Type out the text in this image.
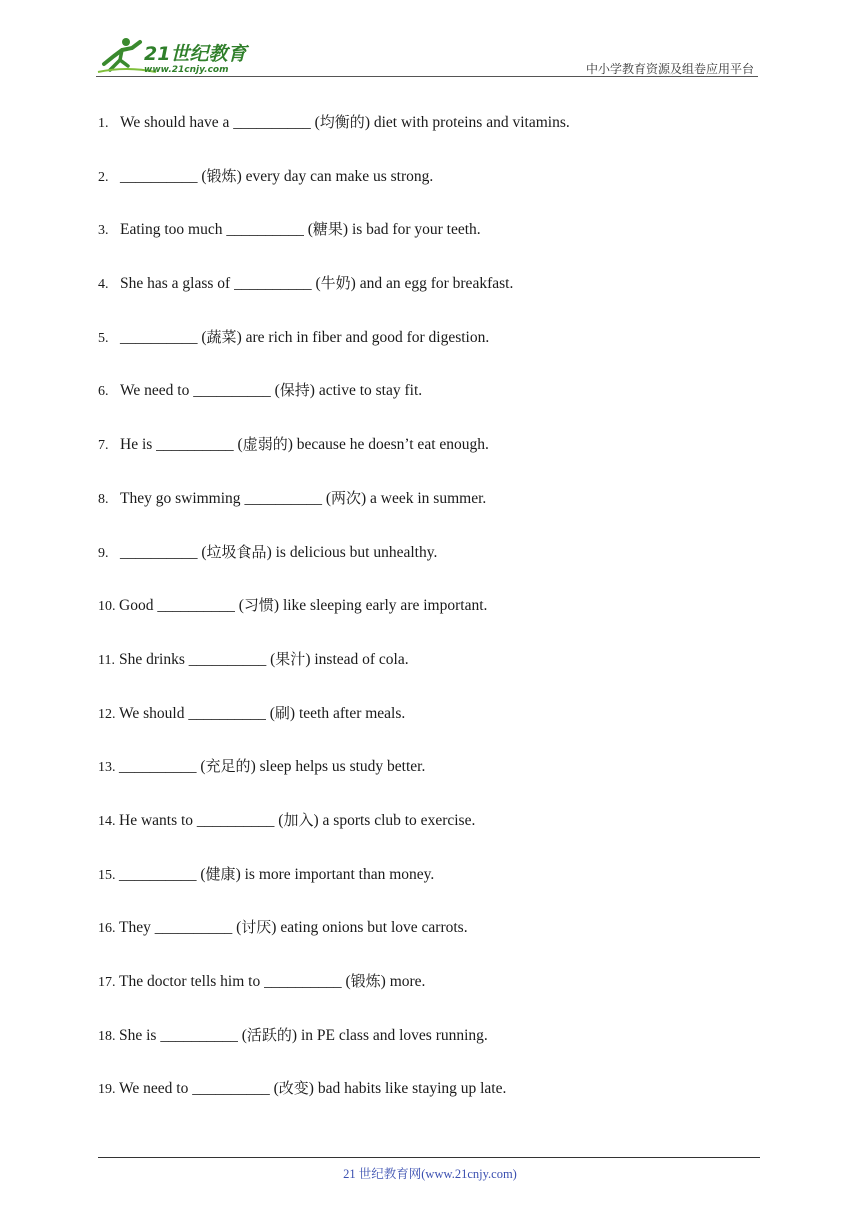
21世纪教育
www.21cnjy.com	中小学教育资源及组卷应用平台
1. We should have a __________ (均衡的) diet with proteins and vitamins.
2. __________ (锻炼) every day can make us strong.
3. Eating too much __________ (糖果) is bad for your teeth.
4. She has a glass of __________ (牛奶) and an egg for breakfast.
5. __________ (蔬菜) are rich in fiber and good for digestion.
6. We need to __________ (保持) active to stay fit.
7. He is __________ (虚弱的) because he doesn’t eat enough.
8. They go swimming __________ (两次) a week in summer.
9. __________ (垃圾食品) is delicious but unhealthy.
10. Good __________ (习惯) like sleeping early are important.
11. She drinks __________ (果汁) instead of cola.
12. We should __________ (刷) teeth after meals.
13. __________ (充足的) sleep helps us study better.
14. He wants to __________ (加入) a sports club to exercise.
15. __________ (健康) is more important than money.
16. They __________ (讨厌) eating onions but love carrots.
17. The doctor tells him to __________ (锻炼) more.
18. She is __________ (活跃的) in PE class and loves running.
19. We need to __________ (改变) bad habits like staying up late.
21 世纪教育网(www.21cnjy.com)
